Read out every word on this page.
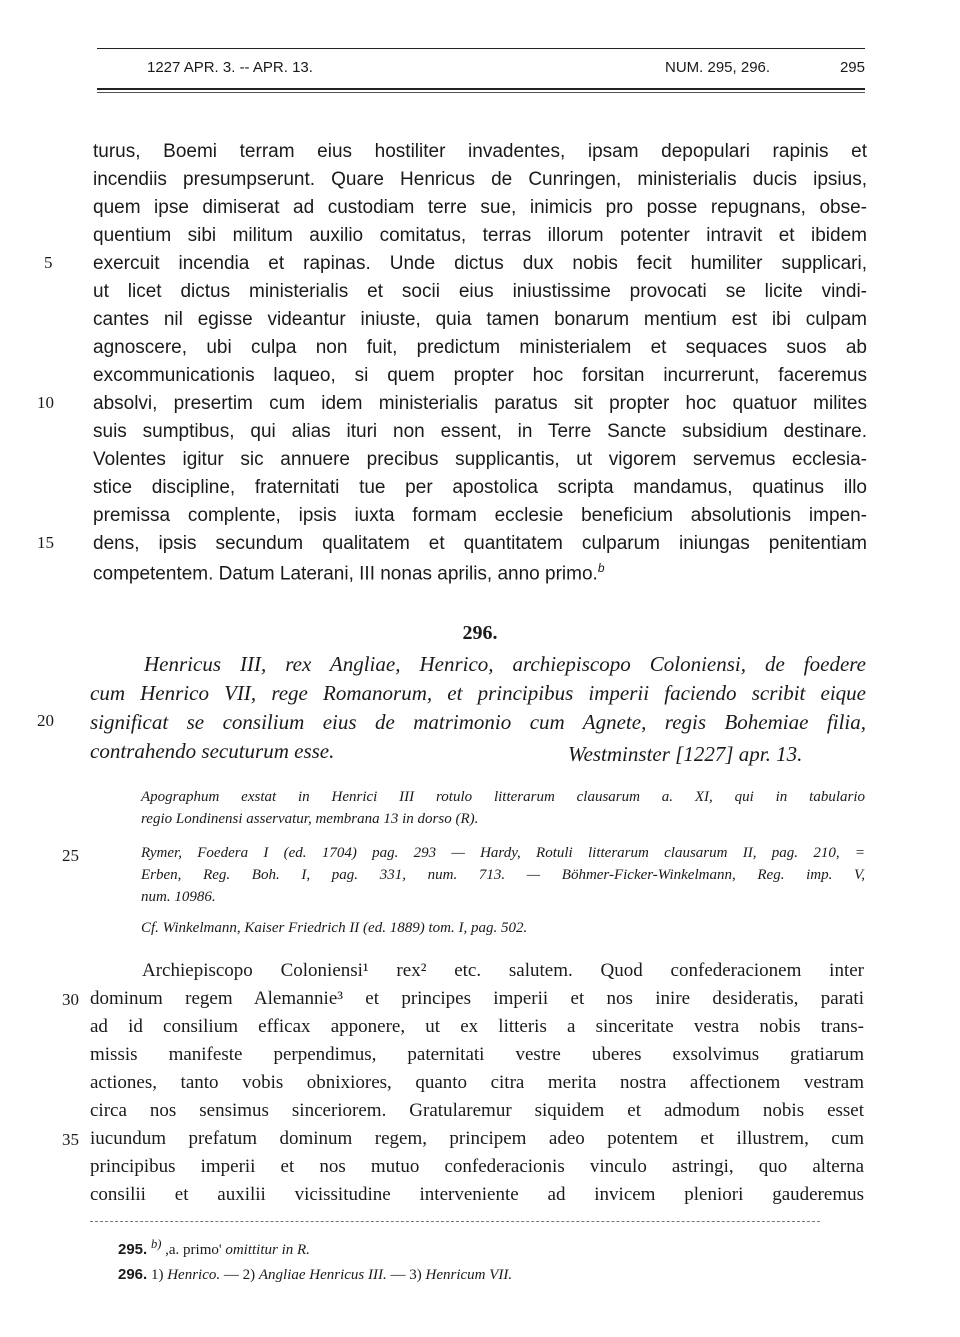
1227 APR. 3. -- APR. 13.	NUM. 295, 296.	295
turus, Boemi terram eius hostiliter invadentes, ipsam depopulari rapinis et
incendiis presumpserunt. Quare Henricus de Cunringen, ministerialis ducis ipsius,
quem ipse dimiserat ad custodiam terre sue, inimicis pro posse repugnans, obse-
quentium sibi militum auxilio comitatus, terras illorum potenter intravit et ibidem
exercuit incendia et rapinas. Unde dictus dux nobis fecit humiliter supplicari,
ut licet dictus ministerialis et socii eius iniustissime provocati se licite vindi-
cantes nil egisse videantur iniuste, quia tamen bonarum mentium est ibi culpam
agnoscere, ubi culpa non fuit, predictum ministerialem et sequaces suos ab
excommunicationis laqueo, si quem propter hoc forsitan incurrerunt, faceremus
absolvi, presertim cum idem ministerialis paratus sit propter hoc quatuor milites
suis sumptibus, qui alias ituri non essent, in Terre Sancte subsidium destinare.
Volentes igitur sic annuere precibus supplicantis, ut vigorem servemus ecclesia-
stice discipline, fraternitati tue per apostolica scripta mandamus, quatinus illo
premissa complente, ipsis iuxta formam ecclesie beneficium absolutionis impen-
dens, ipsis secundum qualitatem et quantitatem culparum iniungas penitentiam
competentem. Datum Laterani, III nonas aprilis, anno primo.$^b$
5
10
15
296.
Henricus III, rex Angliae, Henrico, archiepiscopo Coloniensi, de foedere
cum Henrico VII, rege Romanorum, et principibus imperii faciendo scribit eique
significat se consilium eius de matrimonio cum Agnete, regis Bohemiae filia,
contrahendo secuturum esse.	Westminster [1227] apr. 13.
20
Apographum exstat in Henrici III rotulo litterarum clausarum a. XI, qui in tabulario
regio Londinensi asservatur, membrana 13 in dorso (R).
Rymer, Foedera I (ed. 1704) pag. 293 — Hardy, Rotuli litterarum clausarum II, pag. 210, =
Erben, Reg. Boh. I, pag. 331, num. 713. — Böhmer-Ficker-Winkelmann, Reg. imp. V,
num. 10986.
Cf. Winkelmann, Kaiser Friedrich II (ed. 1889) tom. I, pag. 502.
25
Archiepiscopo Coloniensi¹ rex² etc. salutem. Quod confederacionem inter
dominum regem Alemannie³ et principes imperii et nos inire desideratis, parati
ad id consilium efficax apponere, ut ex litteris a sinceritate vestra nobis trans-
missis manifeste perpendimus, paternitati vestre uberes exsolvimus gratiarum
actiones, tanto vobis obnixiores, quanto citra merita nostra affectionem vestram
circa nos sensimus sinceriorem. Gratularemur siquidem et admodum nobis esset
iucundum prefatum dominum regem, principem adeo potentem et illustrem, cum
principibus imperii et nos mutuo confederacionis vinculo astringi, quo alterna
consilii et auxilii vicissitudine interveniente ad invicem pleniori gauderemus
30
35
295. $^{b)}$ ,a. primo' omittitur in R.
296. 1) Henrico. — 2) Angliae Henricus III. — 3) Henricum VII.
